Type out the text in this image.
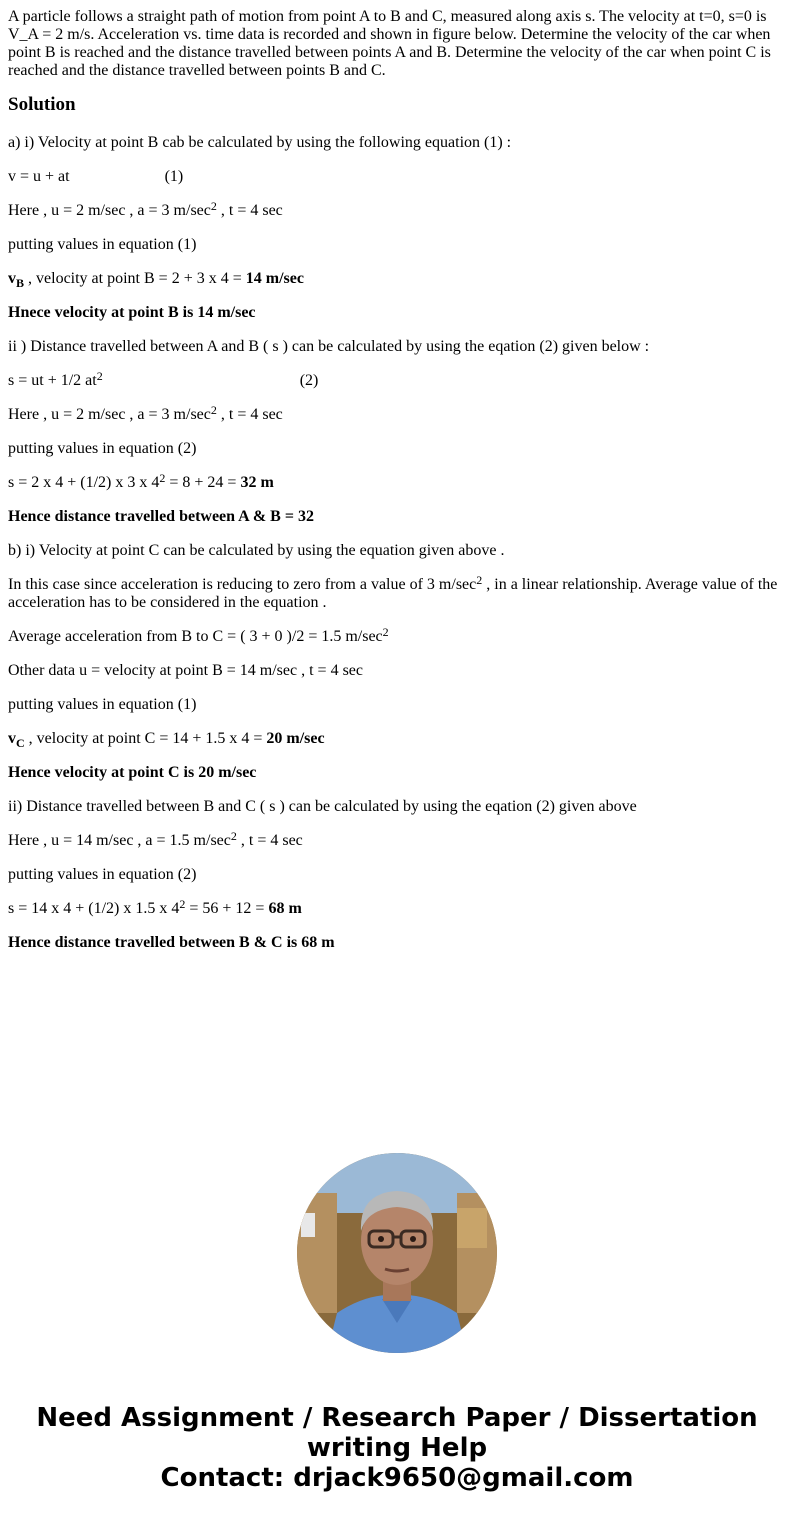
A particle follows a straight path of motion from point A to B and C, measured along axis s. The velocity at t=0, s=0 is V_A = 2 m/s. Acceleration vs. time data is recorded and shown in figure below. Determine the velocity of the car when point B is reached and the distance travelled between points A and B. Determine the velocity of the car when point C is reached and the distance travelled between points B and C.

Solution

a) i) Velocity at point B cab be calculated by using the following equation (1) :

v = u + at	(1)

Here , u = 2 m/sec , a = 3 $m/\sec^2$ , t = 4 sec

putting values in equation (1)

$v_B$ , velocity at point B = 2 + 3 x 4 = 14 m/sec

Hnece velocity at point B is 14 m/sec

ii ) Distance travelled between A and B ( s ) can be calculated by using the eqation (2) given below :

s = ut + 1/2 $at^2$	(2)

Here , u = 2 m/sec , a = 3 $m/\sec^2$ , t = 4 sec

putting values in equation (2)

s = 2 x 4 + (1/2) x 3 x $4^2 = 8 + 24 = 32$ m

Hence distance travelled between A & B = 32

b) i) Velocity at point C can be calculated by using the equation given above .

In this case since acceleration is reducing to zero from a value of 3 $m/\sec^2$ , in a linear relationship. Average value of the acceleration has to be considered in the equation .

Average acceleration from B to C = ( 3 + 0 )/2 = 1.5 $m/\sec^2$

Other data u = velocity at point B = 14 m/sec , t = 4 sec

putting values in equation (1)

$v_C$ , velocity at point C = 14 + 1.5 x 4 = 20 m/sec

Hence velocity at point C is 20 m/sec

ii) Distance travelled between B and C ( s ) can be calculated by using the eqation (2) given above

Here , u = 14 m/sec , a = 1.5 $m/\sec^2$ , t = 4 sec

putting values in equation (2)

s = 14 x 4 + (1/2) x 1.5 x $4^2 = 56 + 12 = 68$ m

Hence distance travelled between B & C is 68 m

Need Assignment / Research Paper / Dissertation
writing Help
Contact: drjack9650@gmail.com
